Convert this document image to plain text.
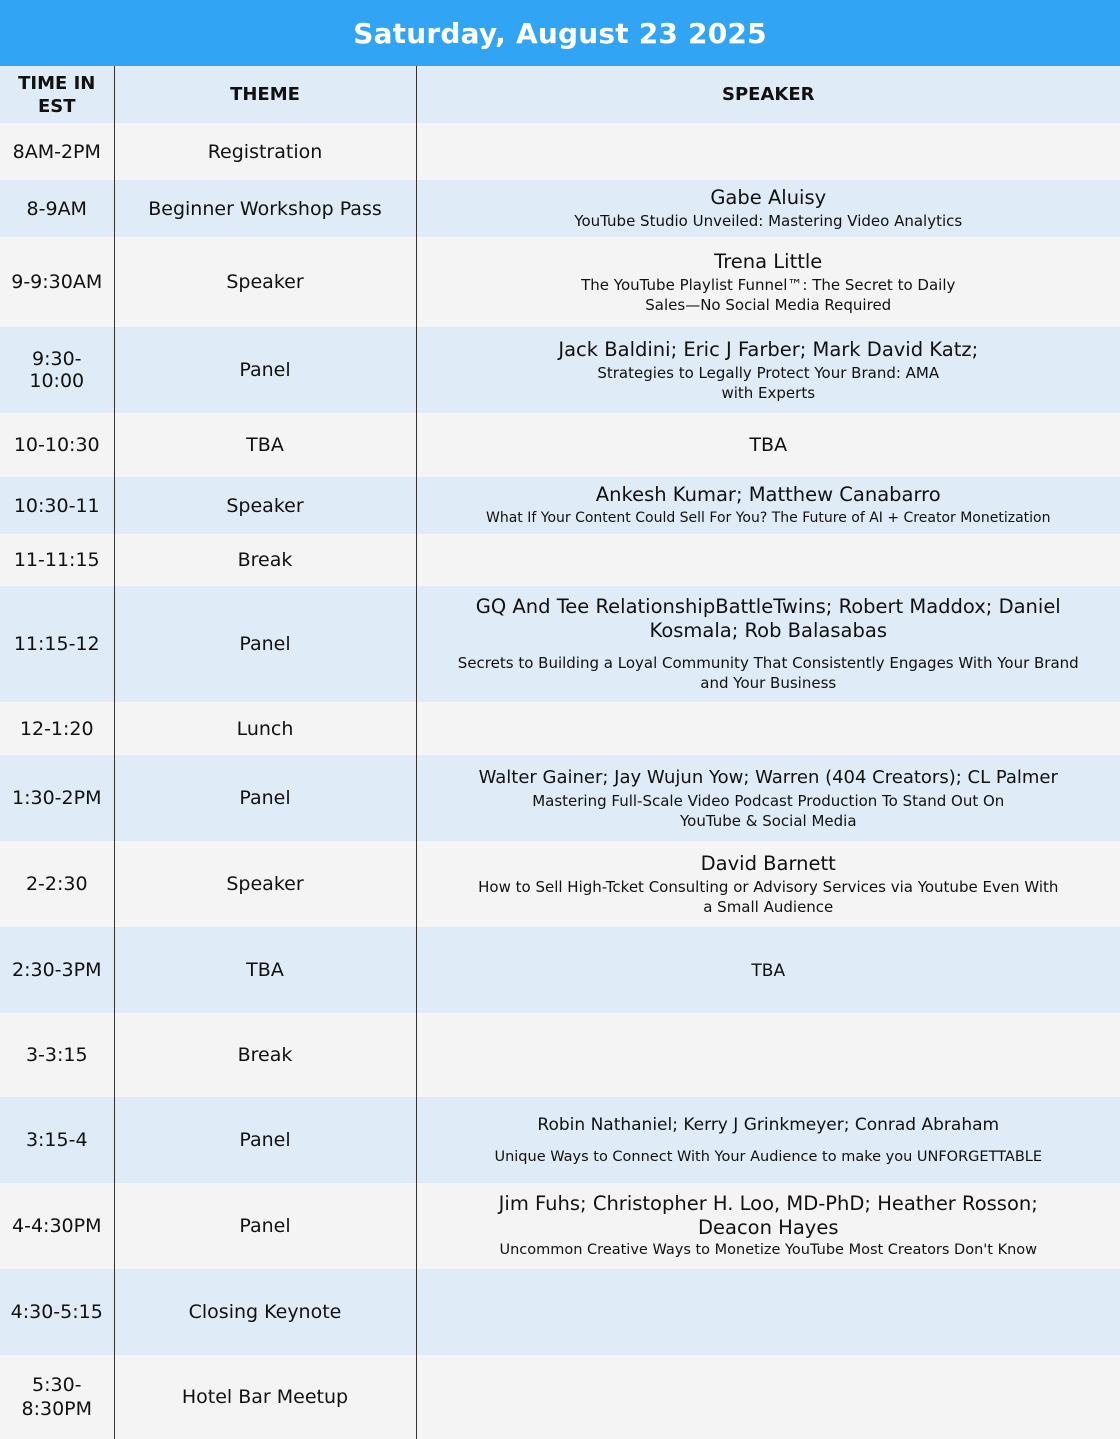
Saturday, August 23 2025
TIME IN EST	THEME	SPEAKER
8AM-2PM	Registration	
8-9AM	Beginner Workshop Pass	Gabe Aluisy
YouTube Studio Unveiled: Mastering Video Analytics

9-9:30AM	Speaker	Trena Little
The YouTube Playlist Funnel™: The Secret to Daily Sales—No Social Media Required

9:30-10:00	Panel	Jack Baldini; Eric J Farber; Mark David Katz;
Strategies to Legally Protect Your Brand: AMA with Experts

10-10:30	TBA	TBA
10:30-11	Speaker	Ankesh Kumar; Matthew Canabarro
What If Your Content Could Sell For You? The Future of AI + Creator Monetization

11-11:15	Break	
11:15-12	Panel	GQ And Tee RelationshipBattleTwins; Robert Maddox; Daniel Kosmala; Rob Balasabas
Secrets to Building a Loyal Community That Consistently Engages With Your Brand and Your Business

12-1:20	Lunch	
1:30-2PM	Panel	Walter Gainer; Jay Wujun Yow; Warren (404 Creators); CL Palmer
Mastering Full-Scale Video Podcast Production To Stand Out On YouTube & Social Media

2-2:30	Speaker	David Barnett
How to Sell High-Tcket Consulting or Advisory Services via Youtube Even With a Small Audience

2:30-3PM	TBA	TBA
3-3:15	Break	
3:15-4	Panel	Robin Nathaniel; Kerry J Grinkmeyer; Conrad Abraham
Unique Ways to Connect With Your Audience to make you UNFORGETTABLE

4-4:30PM	Panel	Jim Fuhs; Christopher H. Loo, MD-PhD; Heather Rosson; Deacon Hayes
Uncommon Creative Ways to Monetize YouTube Most Creators Don't Know

4:30-5:15	Closing Keynote	
5:30-8:30PM	Hotel Bar Meetup	
